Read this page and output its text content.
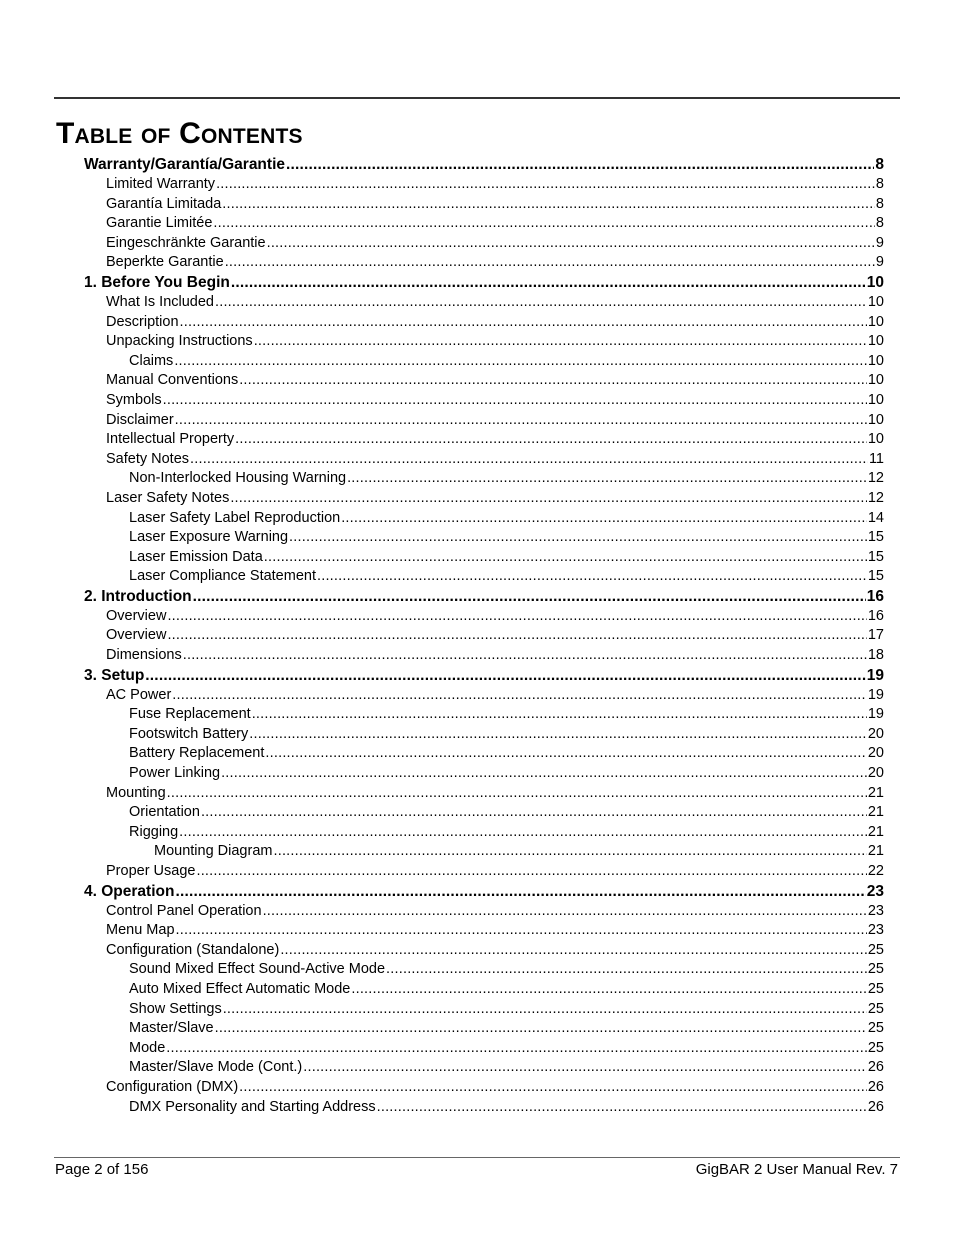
Table of Contents
Warranty/Garantía/Garantie .....	8
Limited Warranty .....	8
Garantía Limitada .....	8
Garantie Limitée .....	8
Eingeschränkte Garantie .....	9
Beperkte Garantie .....	9
1. Before You Begin .....	10
What Is Included .....	10
Description .....	10
Unpacking Instructions .....	10
Claims .....	10
Manual Conventions .....	10
Symbols .....	10
Disclaimer .....	10
Intellectual Property .....	10
Safety Notes .....	11
Non-Interlocked Housing Warning .....	12
Laser Safety Notes .....	12
Laser Safety Label Reproduction .....	14
Laser Exposure Warning .....	15
Laser Emission Data .....	15
Laser Compliance Statement .....	15
2. Introduction .....	16
Overview .....	16
Overview .....	17
Dimensions .....	18
3. Setup .....	19
AC Power .....	19
Fuse Replacement .....	19
Footswitch Battery .....	20
Battery Replacement .....	20
Power Linking .....	20
Mounting .....	21
Orientation .....	21
Rigging .....	21
Mounting Diagram .....	21
Proper Usage .....	22
4. Operation .....	23
Control Panel Operation .....	23
Menu Map .....	23
Configuration (Standalone) .....	25
Sound Mixed Effect Sound-Active Mode .....	25
Auto Mixed Effect Automatic Mode .....	25
Show Settings .....	25
Master/Slave .....	25
Mode .....	25
Master/Slave Mode (Cont.) .....	26
Configuration (DMX) .....	26
DMX Personality and Starting Address .....	26
Page 2 of 156	GigBAR 2 User Manual Rev. 7
